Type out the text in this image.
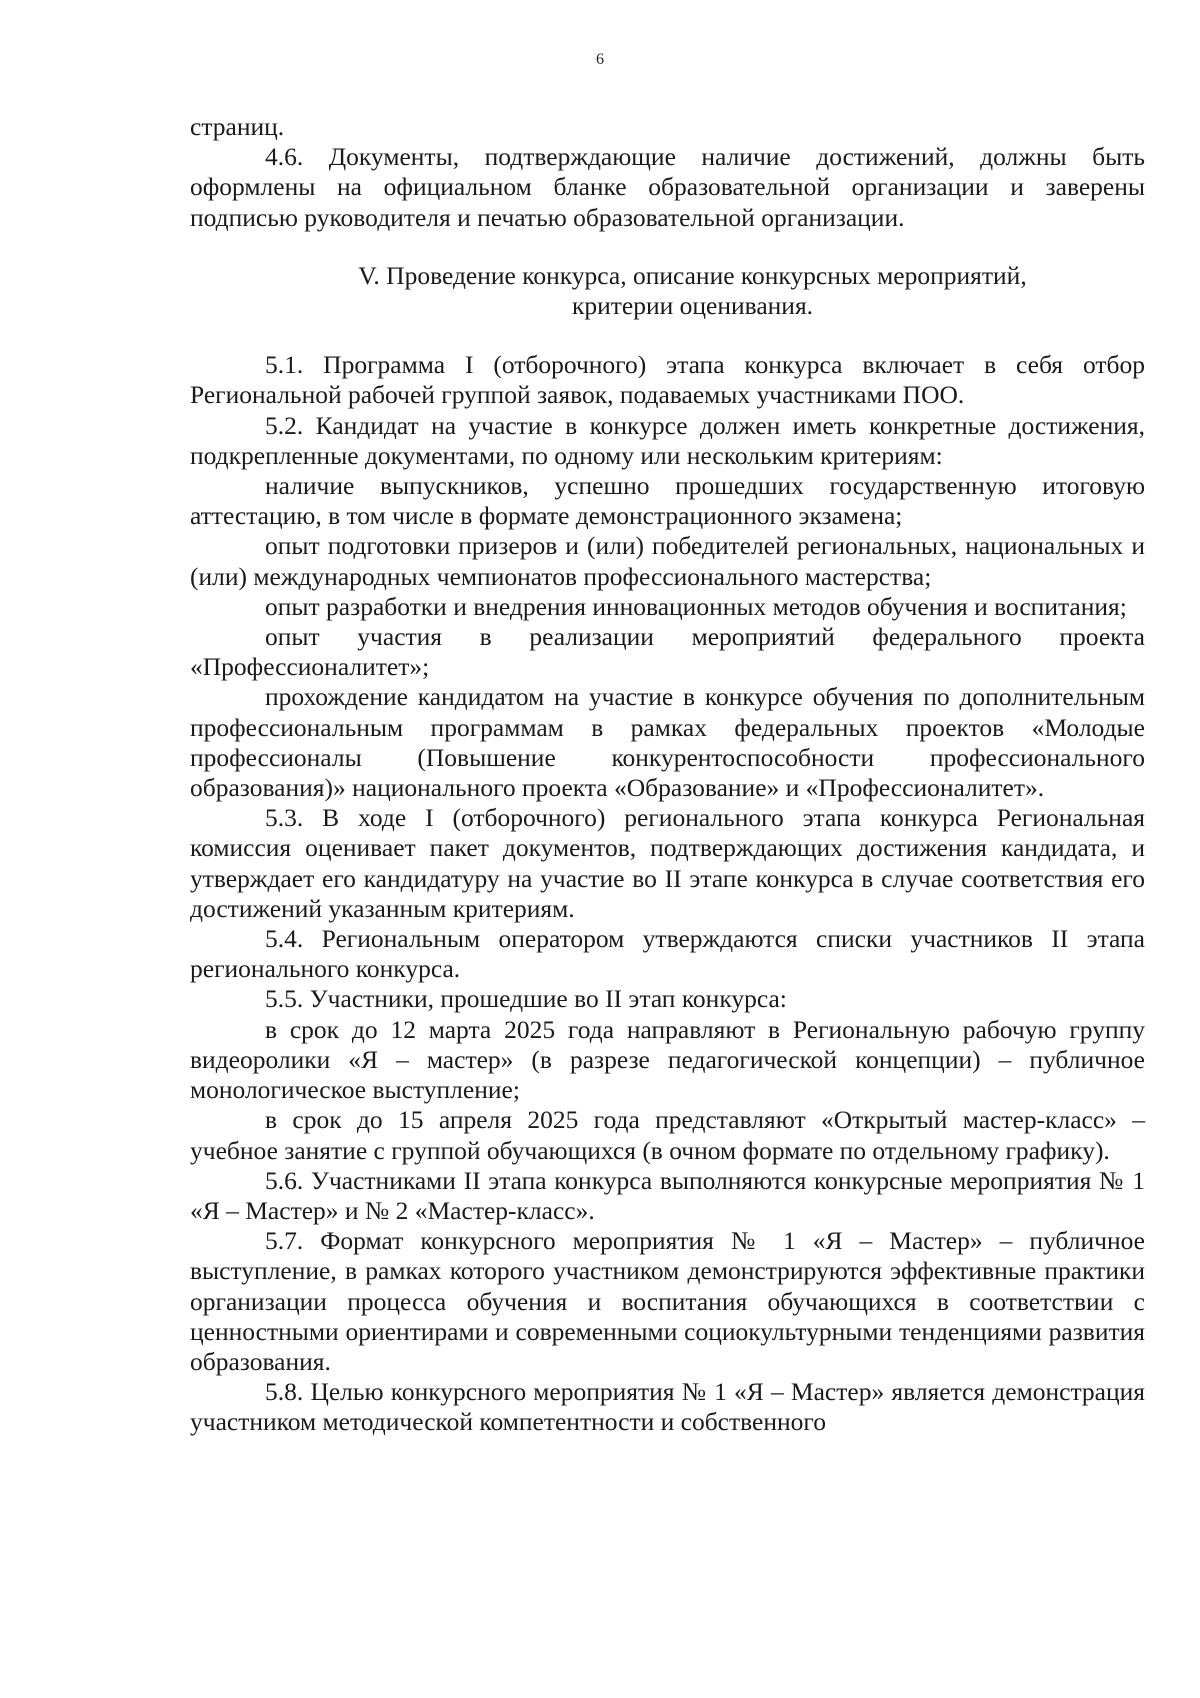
6

страниц.

4.6. Документы, подтверждающие наличие достижений, должны быть оформлены на официальном бланке образовательной организации и заверены подписью руководителя и печатью образовательной организации.

V. Проведение конкурса, описание конкурсных мероприятий,
критерии оценивания.

5.1. Программа I (отборочного) этапа конкурса включает в себя отбор Региональной рабочей группой заявок, подаваемых участниками ПОО.

5.2. Кандидат на участие в конкурсе должен иметь конкретные достижения, подкрепленные документами, по одному или нескольким критериям:

наличие выпускников, успешно прошедших государственную итоговую аттестацию, в том числе в формате демонстрационного экзамена;

опыт подготовки призеров и (или) победителей региональных, национальных и (или) международных чемпионатов профессионального мастерства;

опыт разработки и внедрения инновационных методов обучения и воспитания;

опыт участия в реализации мероприятий федерального проекта «Профессионалитет»;

прохождение кандидатом на участие в конкурсе обучения по дополнительным профессиональным программам в рамках федеральных проектов «Молодые профессионалы (Повышение конкурентоспособности профессионального образования)» национального проекта «Образование» и «Профессионалитет».

5.3. В ходе I (отборочного) регионального этапа конкурса Региональная комиссия оценивает пакет документов, подтверждающих достижения кандидата, и утверждает его кандидатуру на участие во II этапе конкурса в случае соответствия его достижений указанным критериям.

5.4. Региональным оператором утверждаются списки участников II этапа регионального конкурса.

5.5. Участники, прошедшие во II этап конкурса:

в срок до 12 марта 2025 года направляют в Региональную рабочую группу видеоролики «Я – мастер» (в разрезе педагогической концепции) – публичное монологическое выступление;

в срок до 15 апреля 2025 года представляют «Открытый мастер-класс» – учебное занятие с группой обучающихся (в очном формате по отдельному графику).

5.6. Участниками II этапа конкурса выполняются конкурсные мероприятия № 1 «Я – Мастер» и № 2 «Мастер-класс».

5.7. Формат конкурсного мероприятия № 1 «Я – Мастер» – публичное выступление, в рамках которого участником демонстрируются эффективные практики организации процесса обучения и воспитания обучающихся в соответствии с ценностными ориентирами и современными социокультурными тенденциями развития образования.

5.8. Целью конкурсного мероприятия № 1 «Я – Мастер» является демонстрация участником методической компетентности и собственного
